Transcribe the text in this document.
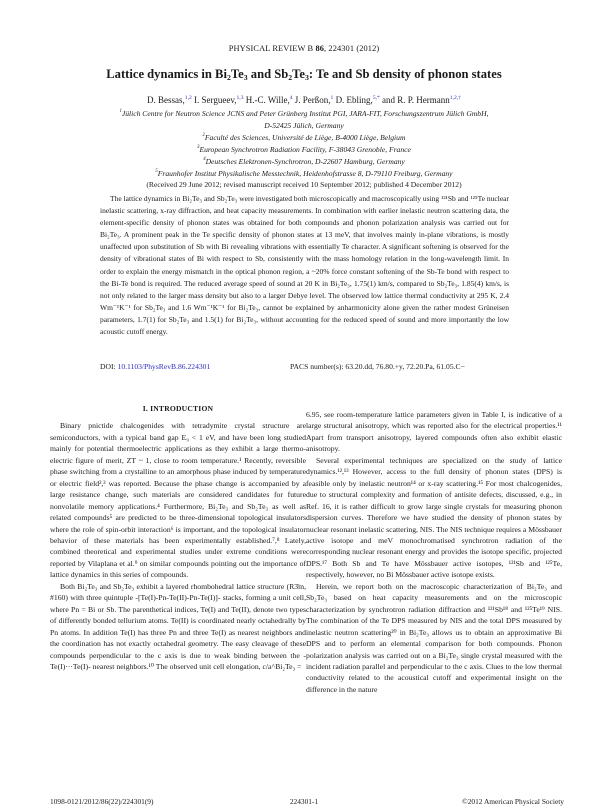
PHYSICAL REVIEW B 86, 224301 (2012)
Lattice dynamics in $Bi_2Te_3$ and $Sb_2Te_3$: Te and Sb density of phonon states
D. Bessas,$^{1,2}$ I. Sergueev,$^{1,3}$ H.-C. Wille,$^4$ J. Perßon,$^1$ D. Ebling,$^{5,*}$ and R. P. Hermann$^{1,2,\dagger}$
$^1$Jülich Centre for Neutron Science JCNS and Peter Grünberg Institut PGI, JARA-FIT, Forschungszentrum Jülich GmbH,
D-52425 Jülich, Germany
$^2$Faculté des Sciences, Université de Liège, B-4000 Liège, Belgium
$^3$European Synchrotron Radiation Facility, F-38043 Grenoble, France
$^4$Deutsches Elektronen-Synchrotron, D-22607 Hamburg, Germany
$^5$Fraunhofer Institut Physikalische Messtechnik, Heidenhofstrasse 8, D-79110 Freiburg, Germany
(Received 29 June 2012; revised manuscript received 10 September 2012; published 4 December 2012)

The lattice dynamics in Bi₂Te₃ and Sb₂Te₃ were investigated both microscopically and macroscopically using ¹²¹Sb and ¹²⁵Te nuclear inelastic scattering, x-ray diffraction, and heat capacity measurements. In combination with earlier inelastic neutron scattering data, the element-specific density of phonon states was obtained for both compounds and phonon polarization analysis was carried out for Bi₂Te₃. A prominent peak in the Te specific density of phonon states at 13 meV, that involves mainly in-plane vibrations, is mostly unaffected upon substitution of Sb with Bi revealing vibrations with essentially Te character. A significant softening is observed for the density of vibrational states of Bi with respect to Sb, consistently with the mass homology relation in the long-wavelength limit. In order to explain the energy mismatch in the optical phonon region, a ~20% force constant softening of the Sb-Te bond with respect to the Bi-Te bond is required. The reduced average speed of sound at 20 K in Bi₂Te₃, 1.75(1) km/s, compared to Sb₂Te₃, 1.85(4) km/s, is not only related to the larger mass density but also to a larger Debye level. The observed low lattice thermal conductivity at 295 K, 2.4 Wm⁻¹K⁻¹ for Sb₂Te₃ and 1.6 Wm⁻¹K⁻¹ for Bi₂Te₃, cannot be explained by anharmonicity alone given the rather modest Grüneisen parameters, 1.7(1) for Sb₂Te₃ and 1.5(1) for Bi₂Te₃, without accounting for the reduced speed of sound and more importantly the low acoustic cutoff energy.

DOI: 10.1103/PhysRevB.86.224301	PACS number(s): 63.20.dd, 76.80.+y, 72.20.Pa, 61.05.C−
I. INTRODUCTION

Binary pnictide chalcogenides with tetradymite crystal structure are semiconductors, with a typical band gap E₉ < 1 eV, and have been long studied mainly for potential thermoelectric applications as they exhibit a large thermo-electric figure of merit, ZT ~ 1, close to room temperature.¹ Recently, reversible phase switching from a crystalline to an amorphous phase induced by temperature or electric field²,³ was reported. Because the phase change is accompanied by a large resistance change, such materials are considered candidates for future nonvolatile memory applications.⁴ Furthermore, Bi₂Te₃ and Sb₂Te₃ as well as related compounds⁵ are predicted to be three-dimensional topological insulators where the role of spin-orbit interaction⁶ is important, and the topological insulator behavior of these materials has been experimentally established.⁷,⁸ Lately, combined theoretical and experimental studies under extreme conditions were reported by Vilaplana et al.⁹ on similar compounds pointing out the importance of lattice dynamics in this series of compounds.

Both Bi₂Te₃ and Sb₂Te₃ exhibit a layered rhombohedral lattice structure (R3̄m, #160) with three quintuple -[Te(I)-Pn-Te(II)-Pn-Te(I)]- stacks, forming a unit cell, where Pn = Bi or Sb. The parenthetical indices, Te(I) and Te(II), denote two types of differently bonded tellurium atoms. Te(II) is coordinated nearly octahedrally by Pn atoms. In addition Te(I) has three Pn and three Te(I) as nearest neighbors and the coordination has not exactly octahedral geometry. The easy cleavage of these compounds perpendicular to the c axis is due to weak binding between the -Te(I)···Te(I)- nearest neighbors.¹⁰ The observed unit cell elongation, c/a^Bi₂Te₃ =

6.95, see room-temperature lattice parameters given in Table I, is indicative of a large structural anisotropy, which was reported also for the electrical properties.¹¹ Apart from transport anisotropy, layered compounds often also exhibit elastic anisotropy.

Several experimental techniques are specialized on the study of lattice dynamics.¹²,¹³ However, access to the full density of phonon states (DPS) is feasible only by inelastic neutron¹⁴ or x-ray scattering.¹⁵ For most chalcogenides, due to structural complexity and formation of antisite defects, discussed, e.g., in Ref. 16, it is rather difficult to grow large single crystals for measuring phonon dispersion curves. Therefore we have studied the density of phonon states by nuclear resonant inelastic scattering, NIS. The NIS technique requires a Mössbauer active isotope and meV monochromatised synchrotron radiation of the corresponding nuclear resonant energy and provides the isotope specific, projected DPS.¹⁷ Both Sb and Te have Mössbauer active isotopes, ¹²¹Sb and ¹²⁵Te, respectively, however, no Bi Mössbauer active isotope exists.

Herein, we report both on the macroscopic characterization of Bi₂Te₃ and Sb₂Te₃ based on heat capacity measurements and on the microscopic characterization by synchrotron radiation diffraction and ¹²¹Sb¹⁸ and ¹²⁵Te¹⁹ NIS. The combination of the Te DPS measured by NIS and the total DPS measured by inelastic neutron scattering²⁰ in Bi₂Te₃ allows us to obtain an approximative Bi DPS and to perform an elemental comparison for both compounds. Phonon polarization analysis was carried out on a Bi₂Te₃ single crystal measured with the incident radiation parallel and perpendicular to the c axis. Clues to the low thermal conductivity related to the acoustical cutoff and experimental insight on the difference in the nature

1098-0121/2012/86(22)/224301(9)	224301-1	©2012 American Physical Society
